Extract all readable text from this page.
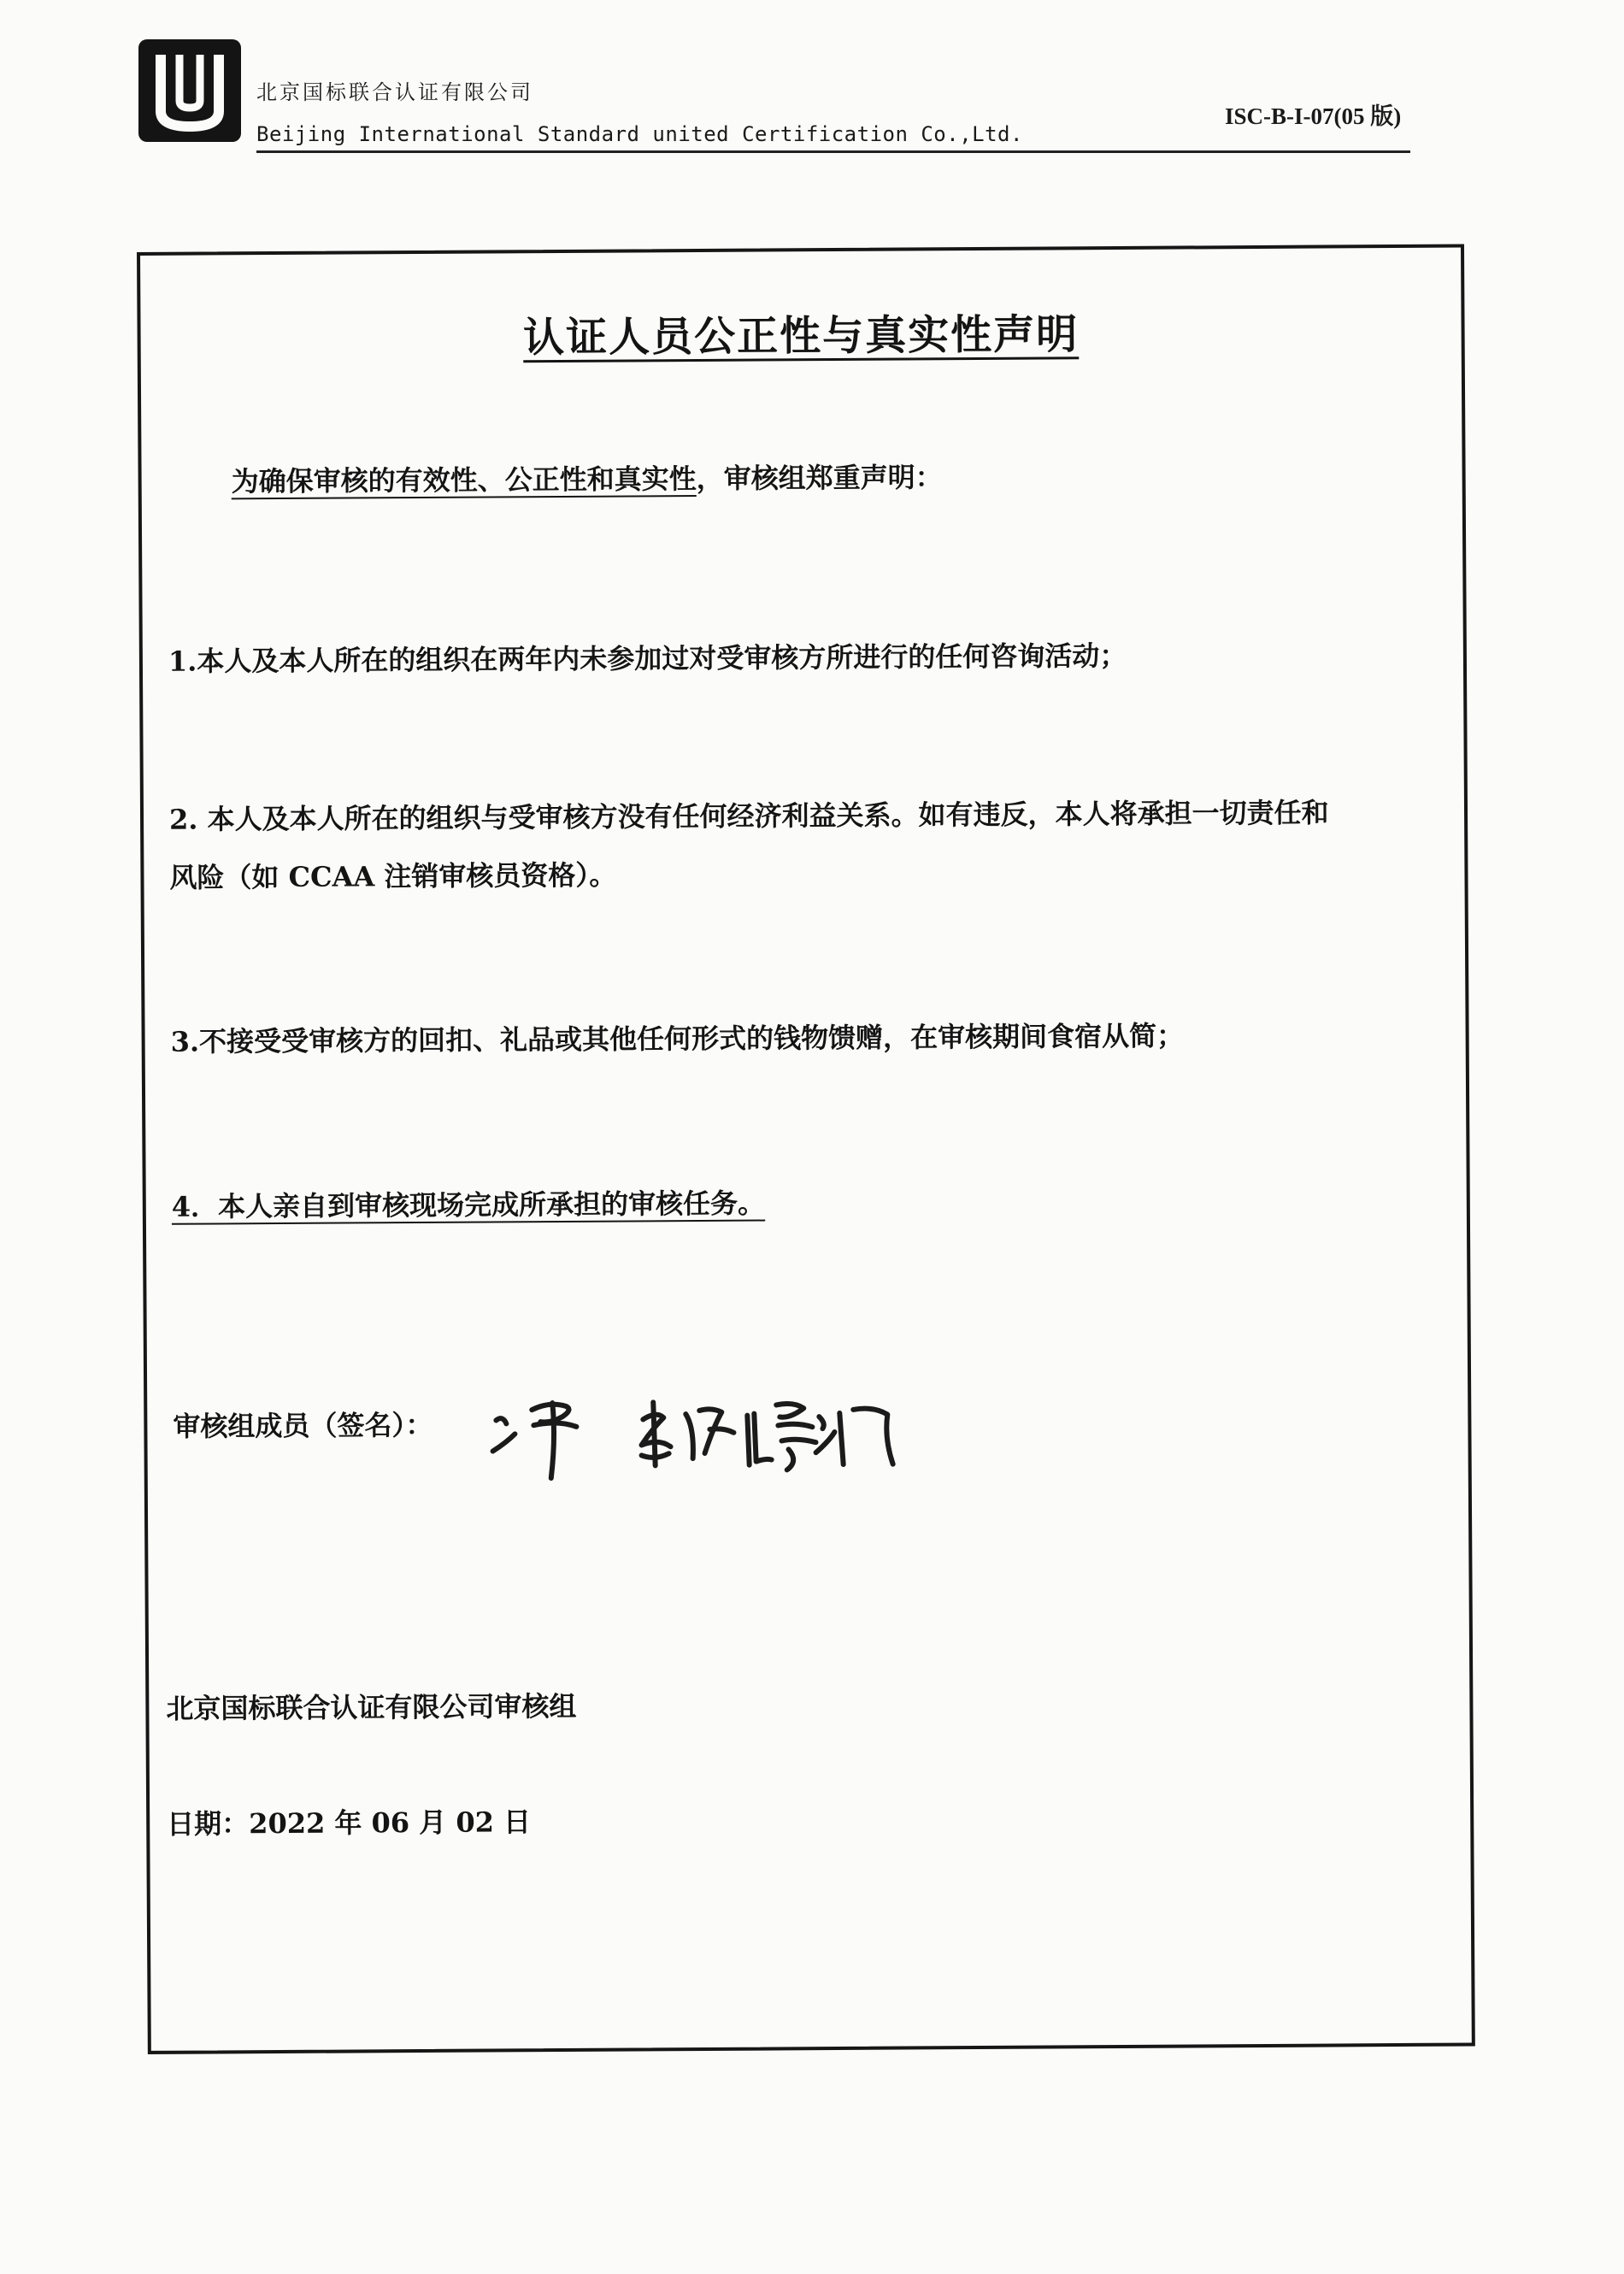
北京国标联合认证有限公司
Beijing International Standard united Certification Co.,Ltd.
ISC-B-I-07(05 版)
认证人员公正性与真实性声明
为确保审核的有效性、公正性和真实性，审核组郑重声明：
1.本人及本人所在的组织在两年内未参加过对受审核方所进行的任何咨询活动；
2. 本人及本人所在的组织与受审核方没有任何经济利益关系。如有违反，本人将承担一切责任和
风险（如 CCAA 注销审核员资格）。
3.不接受受审核方的回扣、礼品或其他任何形式的钱物馈赠，在审核期间食宿从简；
4．本人亲自到审核现场完成所承担的审核任务。
审核组成员（签名）：
北京国标联合认证有限公司审核组
日期：2022 年 06 月 02 日
